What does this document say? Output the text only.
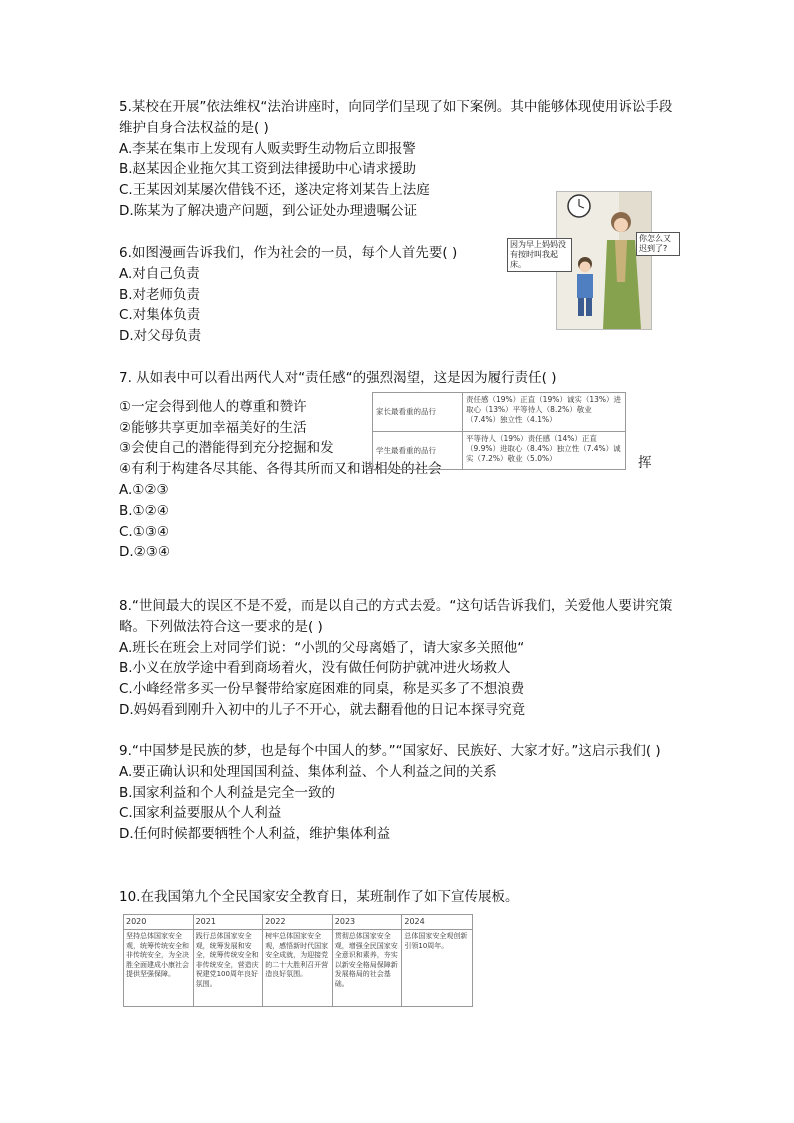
5.某校在开展”依法维权“法治讲座时，向同学们呈现了如下案例。其中能够体现使用诉讼手段维护自身合法权益的是( )
A.李某在集市上发现有人贩卖野生动物后立即报警
B.赵某因企业拖欠其工资到法律援助中心请求援助
C.王某因刘某屡次借钱不还，遂决定将刘某告上法庭
D.陈某为了解决遗产问题，到公证处办理遗嘱公证
6.如图漫画告诉我们，作为社会的一员，每个人首先要( )
A.对自己负责
B.对老师负责
C.对集体负责
D.对父母负责
因为早上妈妈没有按时叫我起床。
你怎么又迟到了?
7. 从如表中可以看出两代人对“责任感“的强烈渴望，这是因为履行责任( )
①一定会得到他人的尊重和赞许
②能够共享更加幸福美好的生活
③会使自己的潜能得到充分挖掘和发
④有利于构建各尽其能、各得其所而又和谐相处的社会
A.①②③
B.①②④
C.①③④
D.②③④
挥
家长最看重的品行
责任感（19%）正直（19%）诚实（13%）进取心（13%）平等待人（8.2%）敬业（7.4%）独立性（4.1%）
学生最看重的品行
平等待人（19%）责任感（14%）正直（9.9%）进取心（8.4%）独立性（7.4%）诚实（7.2%）敬业（5.0%）
8.“世间最大的误区不是不爱，而是以自己的方式去爱。“这句话告诉我们，关爱他人要讲究策略。下列做法符合这一要求的是( )
A.班长在班会上对同学们说：“小凯的父母离婚了，请大家多关照他“
B.小义在放学途中看到商场着火，没有做任何防护就冲进火场救人
C.小峰经常多买一份早餐带给家庭困难的同桌，称是买多了不想浪费
D.妈妈看到刚升入初中的儿子不开心，就去翻看他的日记本探寻究竟
9.“中国梦是民族的梦，也是每个中国人的梦。”“国家好、民族好、大家才好。”这启示我们( )
A.要正确认识和处理国国利益、集体利益、个人利益之间的关系
B.国家利益和个人利益是完全一致的
C.国家利益要服从个人利益
D.任何时候都要牺牲个人利益，维护集体利益
10.在我国第九个全民国家安全教育日，某班制作了如下宣传展板。
2020
坚持总体国家安全观，统筹传统安全和非传统安全，为全决胜全面建成小康社会提供坚强保障。
2021
践行总体国家安全观，统筹发展和安全，统筹传统安全和非传统安全，营造庆祝建党100周年良好氛围。
2022
树牢总体国家安全观，感悟新时代国家安全成就，为迎接党的二十大胜利召开营造良好氛围。
2023
贯彻总体国家安全观，增强全民国家安全意识和素养，夯实以新安全格局保障新发展格局的社会基础。
2024
总体国家安全观创新引领10周年。
